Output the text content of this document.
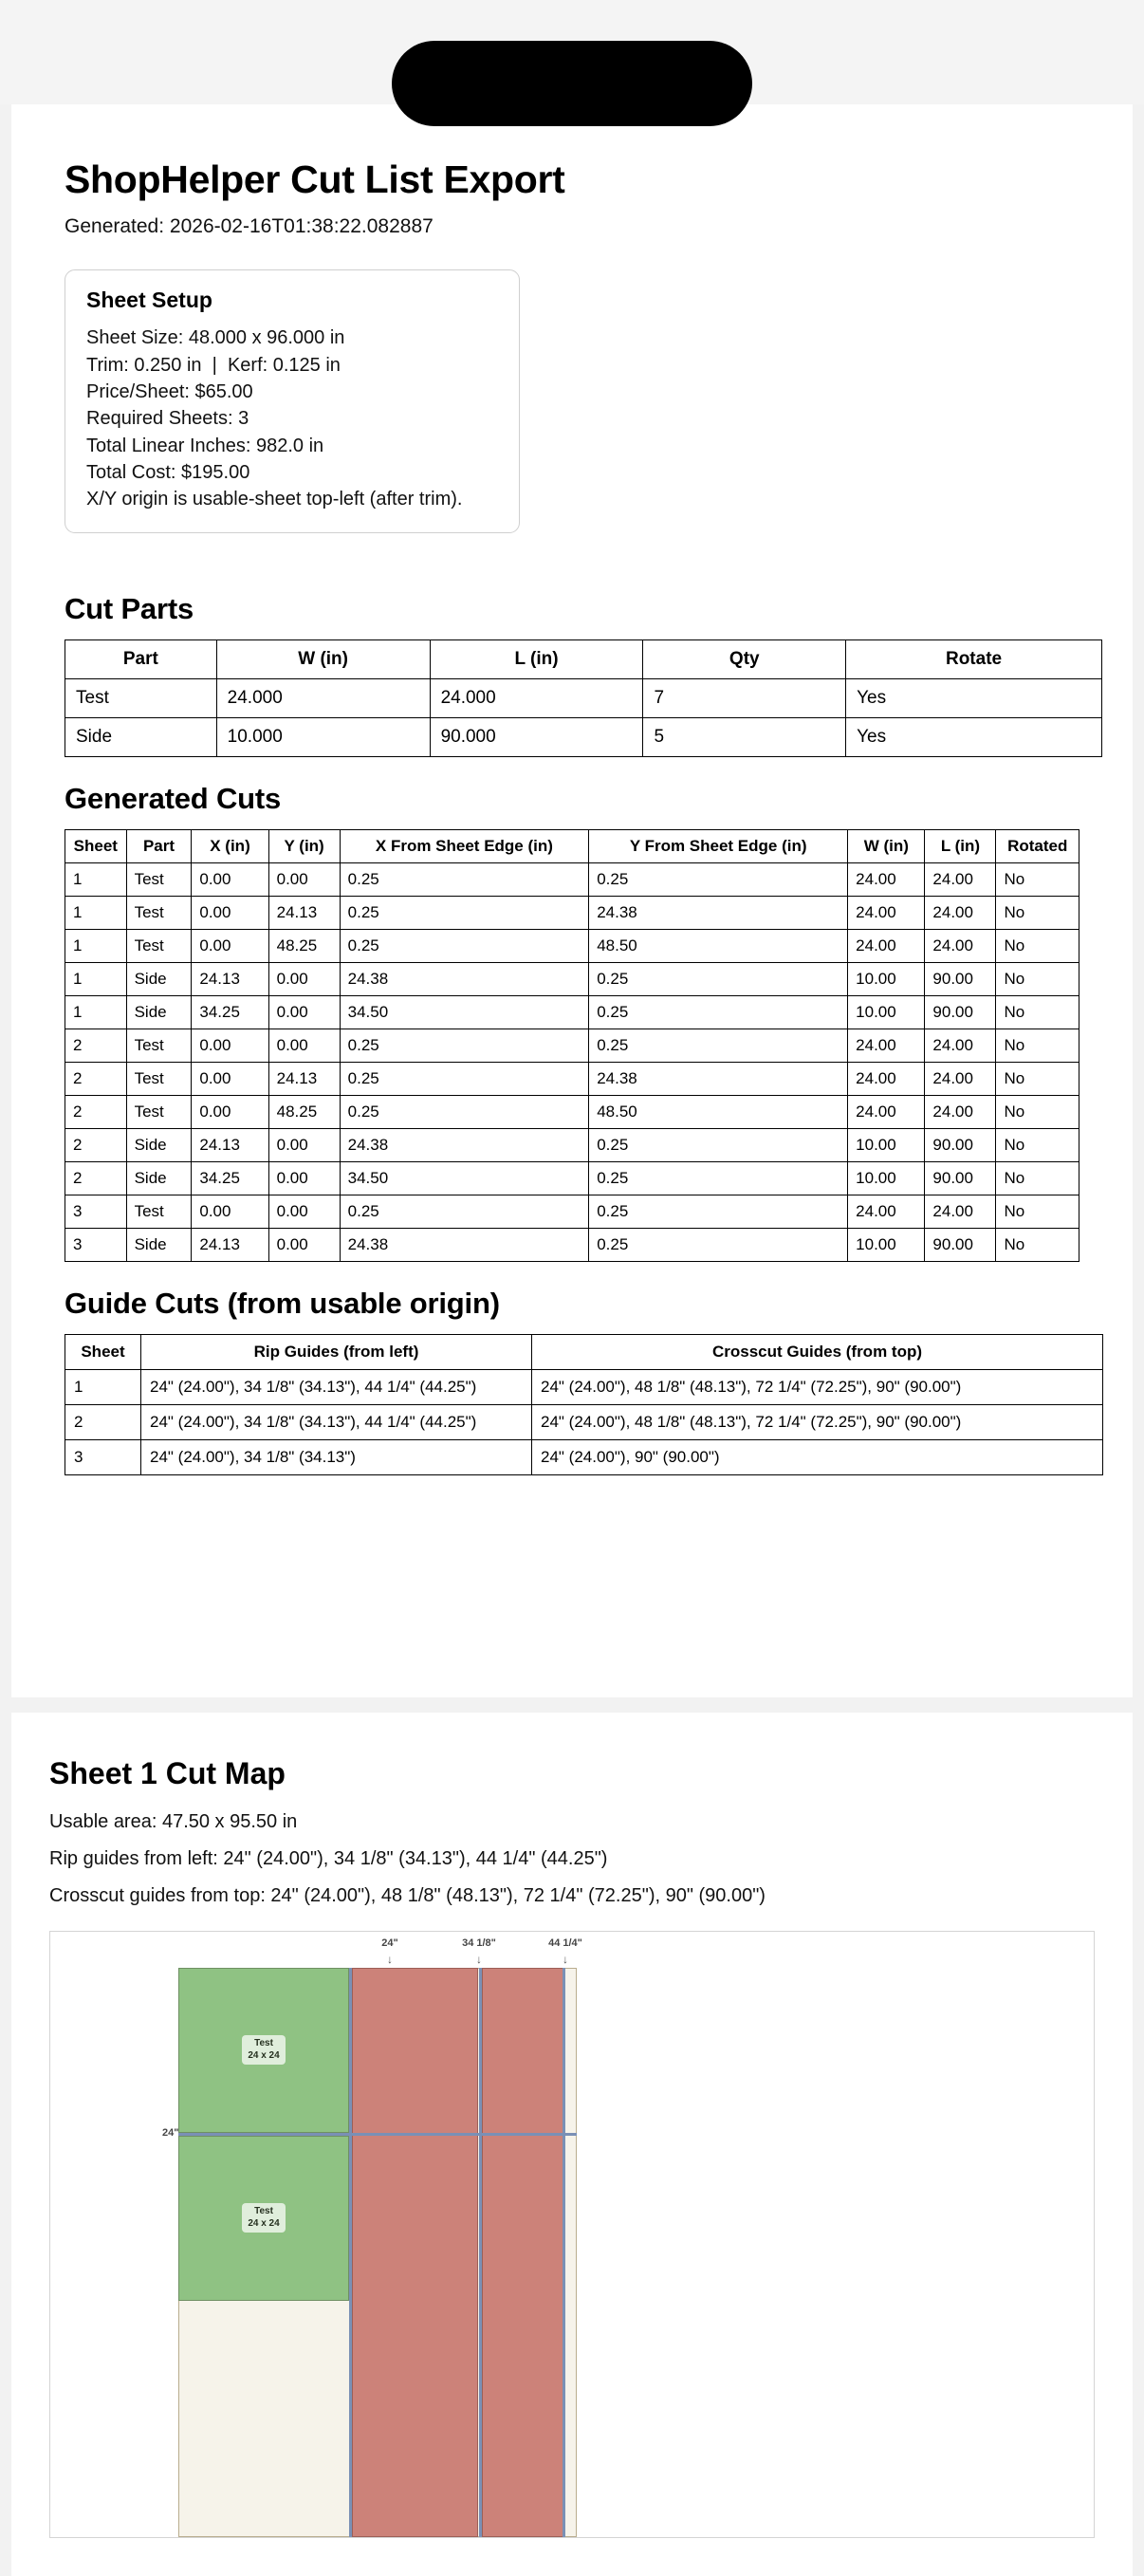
ShopHelper Cut List Export
Generated: 2026-02-16T01:38:22.082887
Sheet Setup
Sheet Size: 48.000 x 96.000 in
Trim: 0.250 in  |  Kerf: 0.125 in
Price/Sheet: $65.00
Required Sheets: 3
Total Linear Inches: 982.0 in
Total Cost: $195.00
X/Y origin is usable-sheet top-left (after trim).
Cut Parts
Part	W (in)	L (in)	Qty	Rotate
Test	24.000	24.000	7	Yes
Side	10.000	90.000	5	Yes
Generated Cuts
Sheet	Part	X (in)	Y (in)	X From Sheet Edge (in)	Y From Sheet Edge (in)	W (in)	L (in)	Rotated
1	Test	0.00	0.00	0.25	0.25	24.00	24.00	No
1	Test	0.00	24.13	0.25	24.38	24.00	24.00	No
1	Test	0.00	48.25	0.25	48.50	24.00	24.00	No
1	Side	24.13	0.00	24.38	0.25	10.00	90.00	No
1	Side	34.25	0.00	34.50	0.25	10.00	90.00	No
2	Test	0.00	0.00	0.25	0.25	24.00	24.00	No
2	Test	0.00	24.13	0.25	24.38	24.00	24.00	No
2	Test	0.00	48.25	0.25	48.50	24.00	24.00	No
2	Side	24.13	0.00	24.38	0.25	10.00	90.00	No
2	Side	34.25	0.00	34.50	0.25	10.00	90.00	No
3	Test	0.00	0.00	0.25	0.25	24.00	24.00	No
3	Side	24.13	0.00	24.38	0.25	10.00	90.00	No
Guide Cuts (from usable origin)
Sheet	Rip Guides (from left)	Crosscut Guides (from top)
1	24" (24.00"), 34 1/8" (34.13"), 44 1/4" (44.25")	24" (24.00"), 48 1/8" (48.13"), 72 1/4" (72.25"), 90" (90.00")
2	24" (24.00"), 34 1/8" (34.13"), 44 1/4" (44.25")	24" (24.00"), 48 1/8" (48.13"), 72 1/4" (72.25"), 90" (90.00")
3	24" (24.00"), 34 1/8" (34.13")	24" (24.00"), 90" (90.00")
Sheet 1 Cut Map
Usable area: 47.50 x 95.50 in
Rip guides from left: 24" (24.00"), 34 1/8" (34.13"), 44 1/4" (44.25")
Crosscut guides from top: 24" (24.00"), 48 1/8" (48.13"), 72 1/4" (72.25"), 90" (90.00")
24"
↓
34 1/8"
↓
44 1/4"
↓
24"
Test
24 x 24
Test
24 x 24
